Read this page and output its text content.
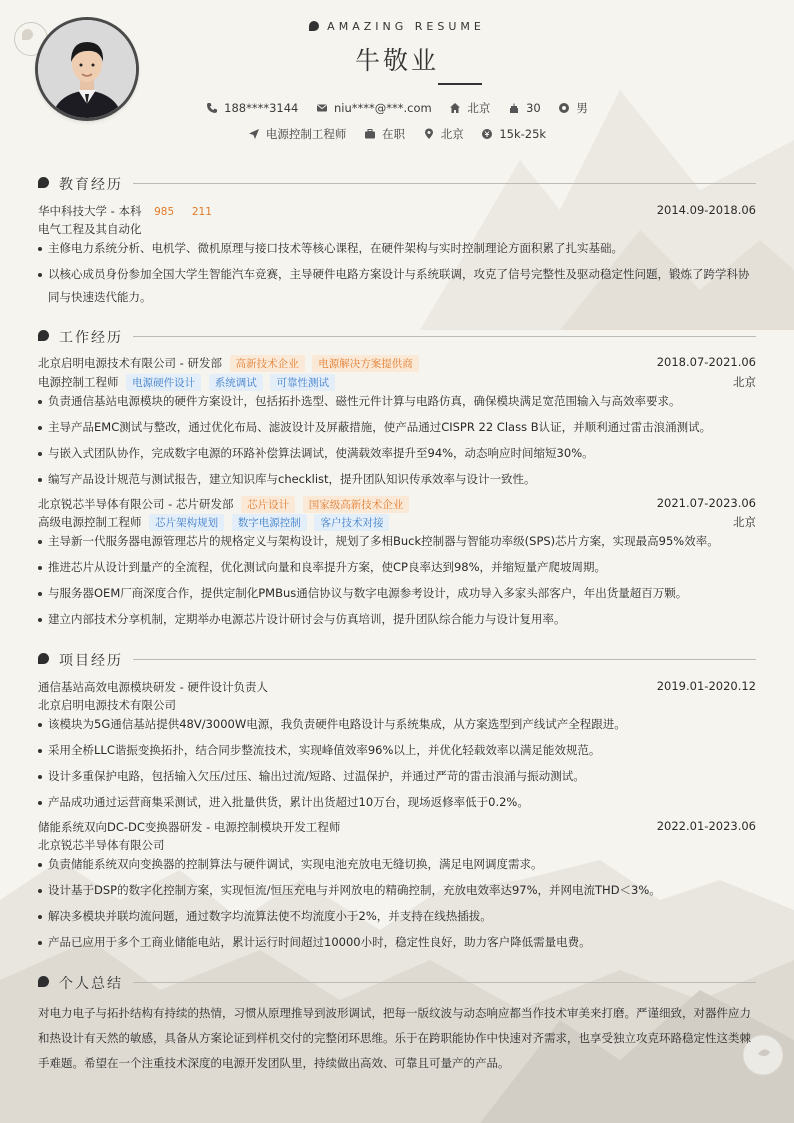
AMAZING RESUME
牛敬业
188****3144	niu****@***.com	北京	30	男
电源控制工程师	在职	北京	15k-25k
教育经历
华中科技大学 - 本科 985 211	2014.09-2018.06
电气工程及其自动化
主修电力系统分析、电机学、微机原理与接口技术等核心课程，在硬件架构与实时控制理论方面积累了扎实基础。
以核心成员身份参加全国大学生智能汽车竞赛，主导硬件电路方案设计与系统联调，攻克了信号完整性及驱动稳定性问题，锻炼了跨学科协同与快速迭代能力。
工作经历
北京启明电源技术有限公司 - 研发部 高新技术企业 电源解决方案提供商	2018.07-2021.06
电源控制工程师 电源硬件设计 系统调试 可靠性测试	北京
负责通信基站电源模块的硬件方案设计，包括拓扑选型、磁性元件计算与电路仿真，确保模块满足宽范围输入与高效率要求。
主导产品EMC测试与整改，通过优化布局、滤波设计及屏蔽措施，使产品通过CISPR 22 Class B认证，并顺利通过雷击浪涌测试。
与嵌入式团队协作，完成数字电源的环路补偿算法调试，使满载效率提升至94%，动态响应时间缩短30%。
编写产品设计规范与测试报告，建立知识库与checklist，提升团队知识传承效率与设计一致性。
北京锐芯半导体有限公司 - 芯片研发部 芯片设计 国家级高新技术企业	2021.07-2023.06
高级电源控制工程师 芯片架构规划 数字电源控制 客户技术对接	北京
主导新一代服务器电源管理芯片的规格定义与架构设计，规划了多相Buck控制器与智能功率级(SPS)芯片方案，实现最高95%效率。
推进芯片从设计到量产的全流程，优化测试向量和良率提升方案，使CP良率达到98%，并缩短量产爬坡周期。
与服务器OEM厂商深度合作，提供定制化PMBus通信协议与数字电源参考设计，成功导入多家头部客户，年出货量超百万颗。
建立内部技术分享机制，定期举办电源芯片设计研讨会与仿真培训，提升团队综合能力与设计复用率。
项目经历
通信基站高效电源模块研发 - 硬件设计负责人	2019.01-2020.12
北京启明电源技术有限公司
该模块为5G通信基站提供48V/3000W电源，我负责硬件电路设计与系统集成，从方案选型到产线试产全程跟进。
采用全桥LLC谐振变换拓扑，结合同步整流技术，实现峰值效率96%以上，并优化轻载效率以满足能效规范。
设计多重保护电路，包括输入欠压/过压、输出过流/短路、过温保护，并通过严苛的雷击浪涌与振动测试。
产品成功通过运营商集采测试，进入批量供货，累计出货超过10万台，现场返修率低于0.2%。
储能系统双向DC-DC变换器研发 - 电源控制模块开发工程师	2022.01-2023.06
北京锐芯半导体有限公司
负责储能系统双向变换器的控制算法与硬件调试，实现电池充放电无缝切换，满足电网调度需求。
设计基于DSP的数字化控制方案，实现恒流/恒压充电与并网放电的精确控制，充放电效率达97%，并网电流THD＜3%。
解决多模块并联均流问题，通过数字均流算法使不均流度小于2%，并支持在线热插拔。
产品已应用于多个工商业储能电站，累计运行时间超过10000小时，稳定性良好，助力客户降低需量电费。
个人总结
对电力电子与拓扑结构有持续的热情，习惯从原理推导到波形调试，把每一版纹波与动态响应都当作技术审美来打磨。严谨细致，对器件应力和热设计有天然的敏感，具备从方案论证到样机交付的完整闭环思维。乐于在跨职能协作中快速对齐需求，也享受独立攻克环路稳定性这类棘手难题。希望在一个注重技术深度的电源开发团队里，持续做出高效、可靠且可量产的产品。
